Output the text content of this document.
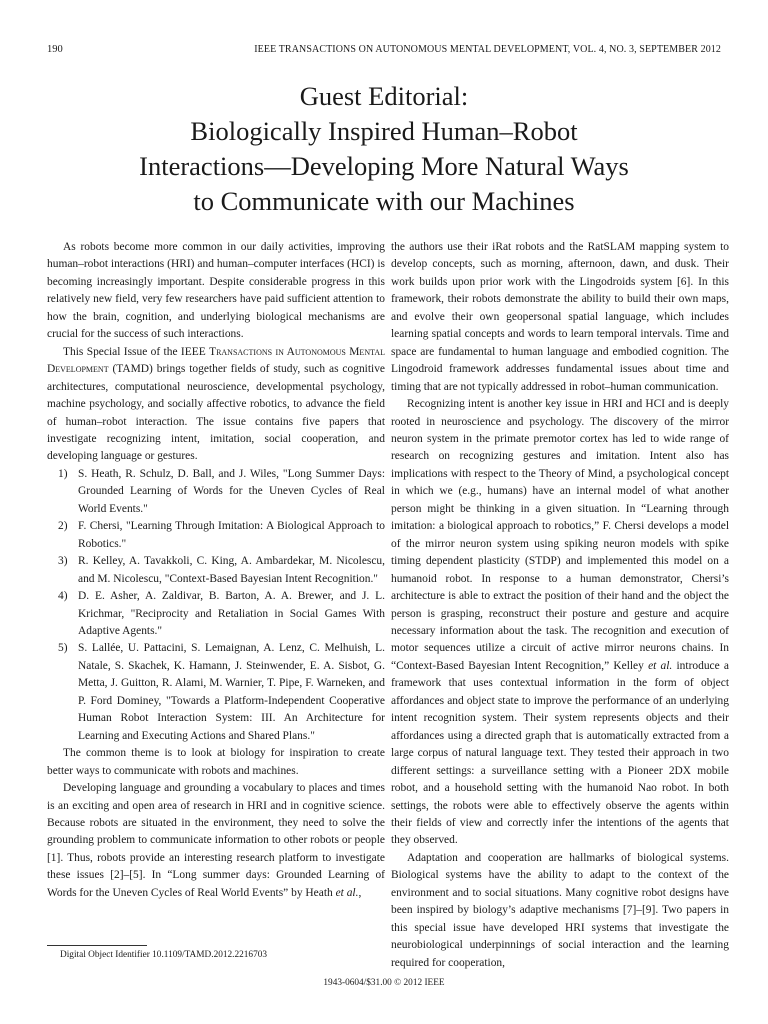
190	IEEE TRANSACTIONS ON AUTONOMOUS MENTAL DEVELOPMENT, VOL. 4, NO. 3, SEPTEMBER 2012
Guest Editorial:
Biologically Inspired Human–Robot
Interactions—Developing More Natural Ways
to Communicate with our Machines

As robots become more common in our daily activities, improving human–robot interactions (HRI) and human–computer interfaces (HCI) is becoming increasingly important. Despite considerable progress in this relatively new field, very few researchers have paid sufficient attention to how the brain, cognition, and underlying biological mechanisms are crucial for the success of such interactions.

This Special Issue of the IEEE Transactions in Autonomous Mental Development (TAMD) brings together fields of study, such as cognitive architectures, computational neuroscience, developmental psychology, machine psychology, and socially affective robotics, to advance the field of human–robot interaction. The issue contains five papers that investigate recognizing intent, imitation, social cooperation, and developing language or gestures.

1) S. Heath, R. Schulz, D. Ball, and J. Wiles, "Long Summer Days: Grounded Learning of Words for the Uneven Cycles of Real World Events."
2) F. Chersi, "Learning Through Imitation: A Biological Approach to Robotics."
3) R. Kelley, A. Tavakkoli, C. King, A. Ambardekar, M. Nicolescu, and M. Nicolescu, "Context-Based Bayesian Intent Recognition."
4) D. E. Asher, A. Zaldivar, B. Barton, A. A. Brewer, and J. L. Krichmar, "Reciprocity and Retaliation in Social Games With Adaptive Agents."
5) S. Lallée, U. Pattacini, S. Lemaignan, A. Lenz, C. Melhuish, L. Natale, S. Skachek, K. Hamann, J. Steinwender, E. A. Sisbot, G. Metta, J. Guitton, R. Alami, M. Warnier, T. Pipe, F. Warneken, and P. Ford Dominey, "Towards a Platform-Independent Cooperative Human Robot Interaction System: III. An Architecture for Learning and Executing Actions and Shared Plans."

The common theme is to look at biology for inspiration to create better ways to communicate with robots and machines.

Developing language and grounding a vocabulary to places and times is an exciting and open area of research in HRI and in cognitive science. Because robots are situated in the environment, they need to solve the grounding problem to communicate information to other robots or people [1]. Thus, robots provide an interesting research platform to investigate these issues [2]–[5]. In “Long summer days: Grounded Learning of Words for the Uneven Cycles of Real World Events” by Heath et al.,

the authors use their iRat robots and the RatSLAM mapping system to develop concepts, such as morning, afternoon, dawn, and dusk. Their work builds upon prior work with the Lingodroids system [6]. In this framework, their robots demonstrate the ability to build their own maps, and evolve their own geopersonal spatial language, which includes learning spatial concepts and words to learn temporal intervals. Time and space are fundamental to human language and embodied cognition. The Lingodroid framework addresses fundamental issues about time and timing that are not typically addressed in robot–human communication.

Recognizing intent is another key issue in HRI and HCI and is deeply rooted in neuroscience and psychology. The discovery of the mirror neuron system in the primate premotor cortex has led to wide range of research on recognizing gestures and imitation. Intent also has implications with respect to the Theory of Mind, a psychological concept in which we (e.g., humans) have an internal model of what another person might be thinking in a given situation. In “Learning through imitation: a biological approach to robotics,” F. Chersi develops a model of the mirror neuron system using spiking neuron models with spike timing dependent plasticity (STDP) and implemented this model on a humanoid robot. In response to a human demonstrator, Chersi’s architecture is able to extract the position of their hand and the object the person is grasping, reconstruct their posture and gesture and acquire necessary information about the task. The recognition and execution of motor sequences utilize a circuit of active mirror neurons chains. In “Context-Based Bayesian Intent Recognition,” Kelley et al. introduce a framework that uses contextual information in the form of object affordances and object state to improve the performance of an underlying intent recognition system. Their system represents objects and their affordances using a directed graph that is automatically extracted from a large corpus of natural language text. They tested their approach in two different settings: a surveillance setting with a Pioneer 2DX mobile robot, and a household setting with the humanoid Nao robot. In both settings, the robots were able to effectively observe the agents within their fields of view and correctly infer the intentions of the agents that they observed.

Adaptation and cooperation are hallmarks of biological systems. Biological systems have the ability to adapt to the context of the environment and to social situations. Many cognitive robot designs have been inspired by biology’s adaptive mechanisms [7]–[9]. Two papers in this special issue have developed HRI systems that investigate the neurobiological underpinnings of social interaction and the learning required for cooperation,

Digital Object Identifier 10.1109/TAMD.2012.2216703
1943-0604/$31.00 © 2012 IEEE
